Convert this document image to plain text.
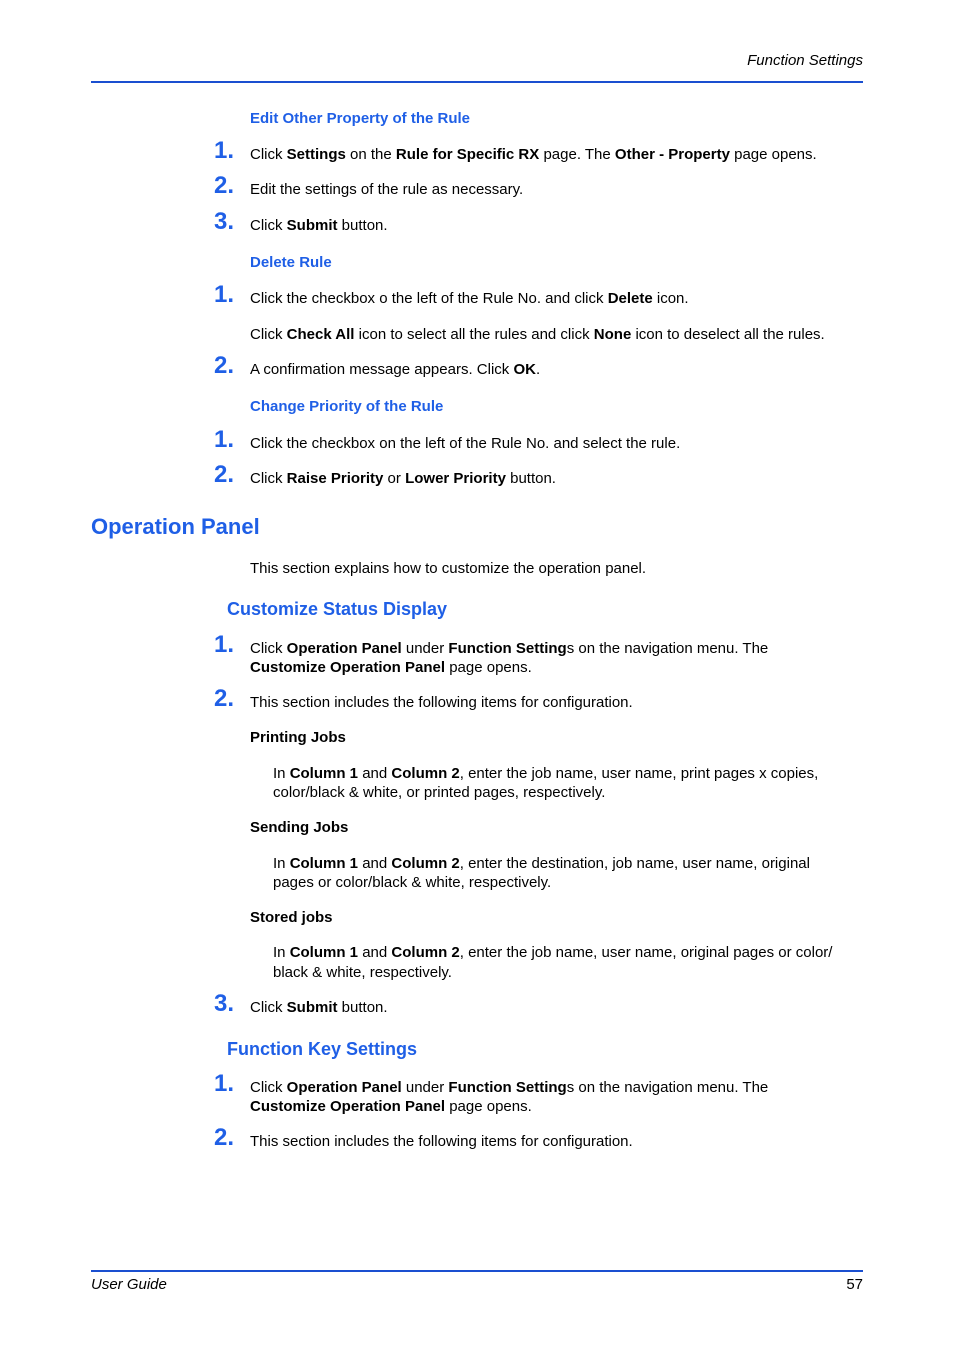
Function Settings
Edit Other Property of the Rule
1. Click Settings on the Rule for Specific RX page. The Other - Property page opens.
2. Edit the settings of the rule as necessary.
3. Click Submit button.
Delete Rule
1. Click the checkbox o the left of the Rule No. and click Delete icon.
Click Check All icon to select all the rules and click None icon to deselect all the rules.
2. A confirmation message appears. Click OK.
Change Priority of the Rule
1. Click the checkbox on the left of the Rule No. and select the rule.
2. Click Raise Priority or Lower Priority button.
Operation Panel
This section explains how to customize the operation panel.
Customize Status Display
1. Click Operation Panel under Function Settings on the navigation menu. The
Customize Operation Panel page opens.
2. This section includes the following items for configuration.
Printing Jobs
In Column 1 and Column 2, enter the job name, user name, print pages x copies,
color/black & white, or printed pages, respectively.
Sending Jobs
In Column 1 and Column 2, enter the destination, job name, user name, original
pages or color/black & white, respectively.
Stored jobs
In Column 1 and Column 2, enter the job name, user name, original pages or color/
black & white, respectively.
3. Click Submit button.
Function Key Settings
1. Click Operation Panel under Function Settings on the navigation menu. The
Customize Operation Panel page opens.
2. This section includes the following items for configuration.
User Guide	57
